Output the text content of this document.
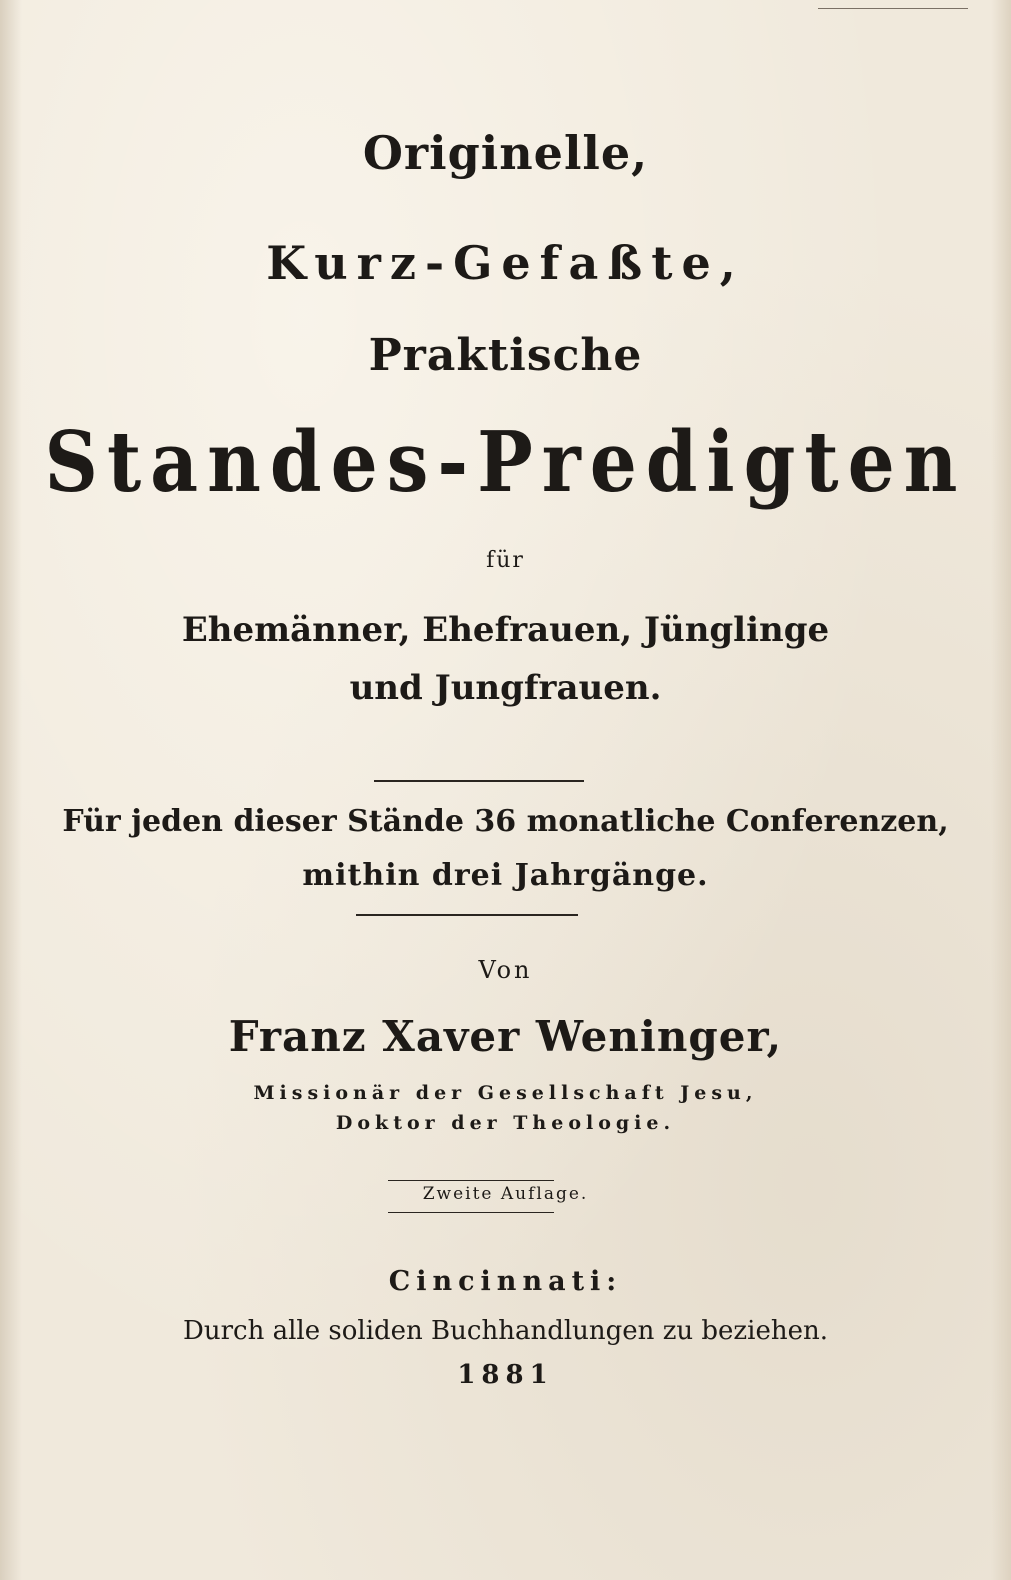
Originelle,

Kurz-Gefaßte,

Praktische

Standes-Predigten

für

Ehemänner, Ehefrauen, Jünglinge

und Jungfrauen.

Für jeden dieser Stände 36 monatliche Conferenzen,

mithin drei Jahrgänge.

Von

Franz Xaver Weninger,

Missionär der Gesellschaft Jesu,

Doktor der Theologie.

Zweite Auflage.

Cincinnati:

Durch alle soliden Buchhandlungen zu beziehen.

1881
